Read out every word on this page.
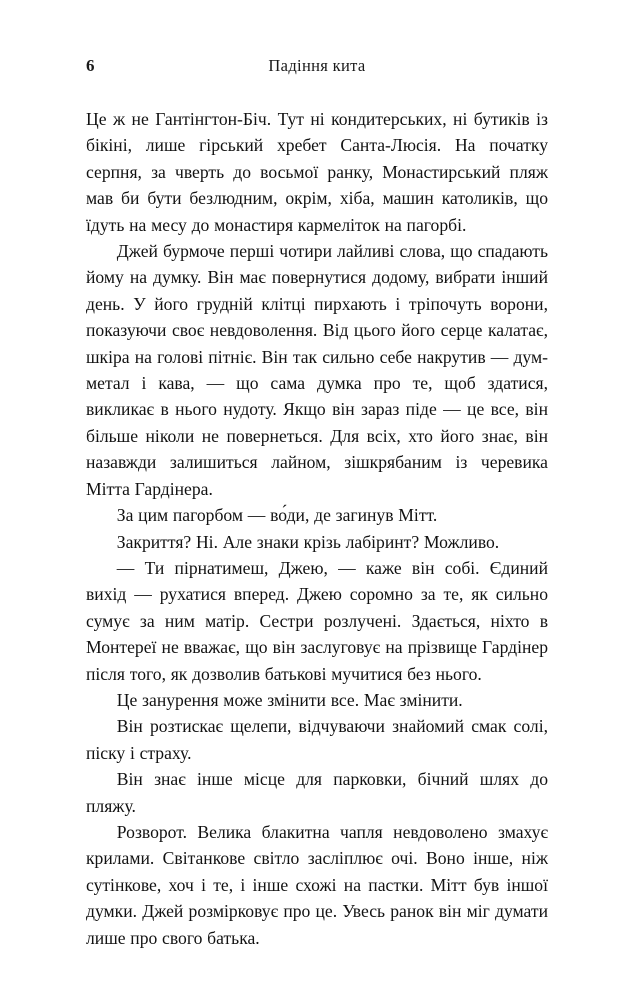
6	Падіння кита

Це ж не Гантінгтон-Біч. Тут ні кондитерських, ні бутиків із бікіні, лише гірський хребет Санта-Люсія. На початку серпня, за чверть до восьмої ранку, Монастирський пляж мав би бути безлюдним, окрім, хіба, машин католиків, що їдуть на месу до монастиря кармеліток на пагорбі.

Джей бурмоче перші чотири лайливі слова, що спадають йому на думку. Він має повернутися додому, вибрати інший день. У його грудній клітці пирхають і тріпочуть ворони, показуючи своє невдоволення. Від цього його серце калатає, шкіра на голові пітніє. Він так сильно себе накрутив — дум-метал і кава, — що сама думка про те, щоб здатися, викликає в нього нудоту. Якщо він зараз піде — це все, він більше ніколи не повернеться. Для всіх, хто його знає, він назавжди залишиться лайном, зішкрябаним із черевика Мітта Гардінера.

За цим пагорбом — во́ди, де загинув Мітт.

Закриття? Ні. Але знаки крізь лабіринт? Можливо.

— Ти пірнатимеш, Джею, — каже він собі. Єдиний вихід — рухатися вперед. Джею соромно за те, як сильно сумує за ним матір. Сестри розлучені. Здається, ніхто в Монтереї не вважає, що він заслуговує на прізвище Гардінер після того, як дозволив батькові мучитися без нього.

Це занурення може змінити все. Має змінити.

Він розтискає щелепи, відчуваючи знайомий смак солі, піску і страху.

Він знає інше місце для парковки, бічний шлях до пляжу.

Розворот. Велика блакитна чапля невдоволено змахує крилами. Світанкове світло засліплює очі. Воно інше, ніж сутінкове, хоч і те, і інше схожі на пастки. Мітт був іншої думки. Джей розмірковує про це. Увесь ранок він міг думати лише про свого батька.
